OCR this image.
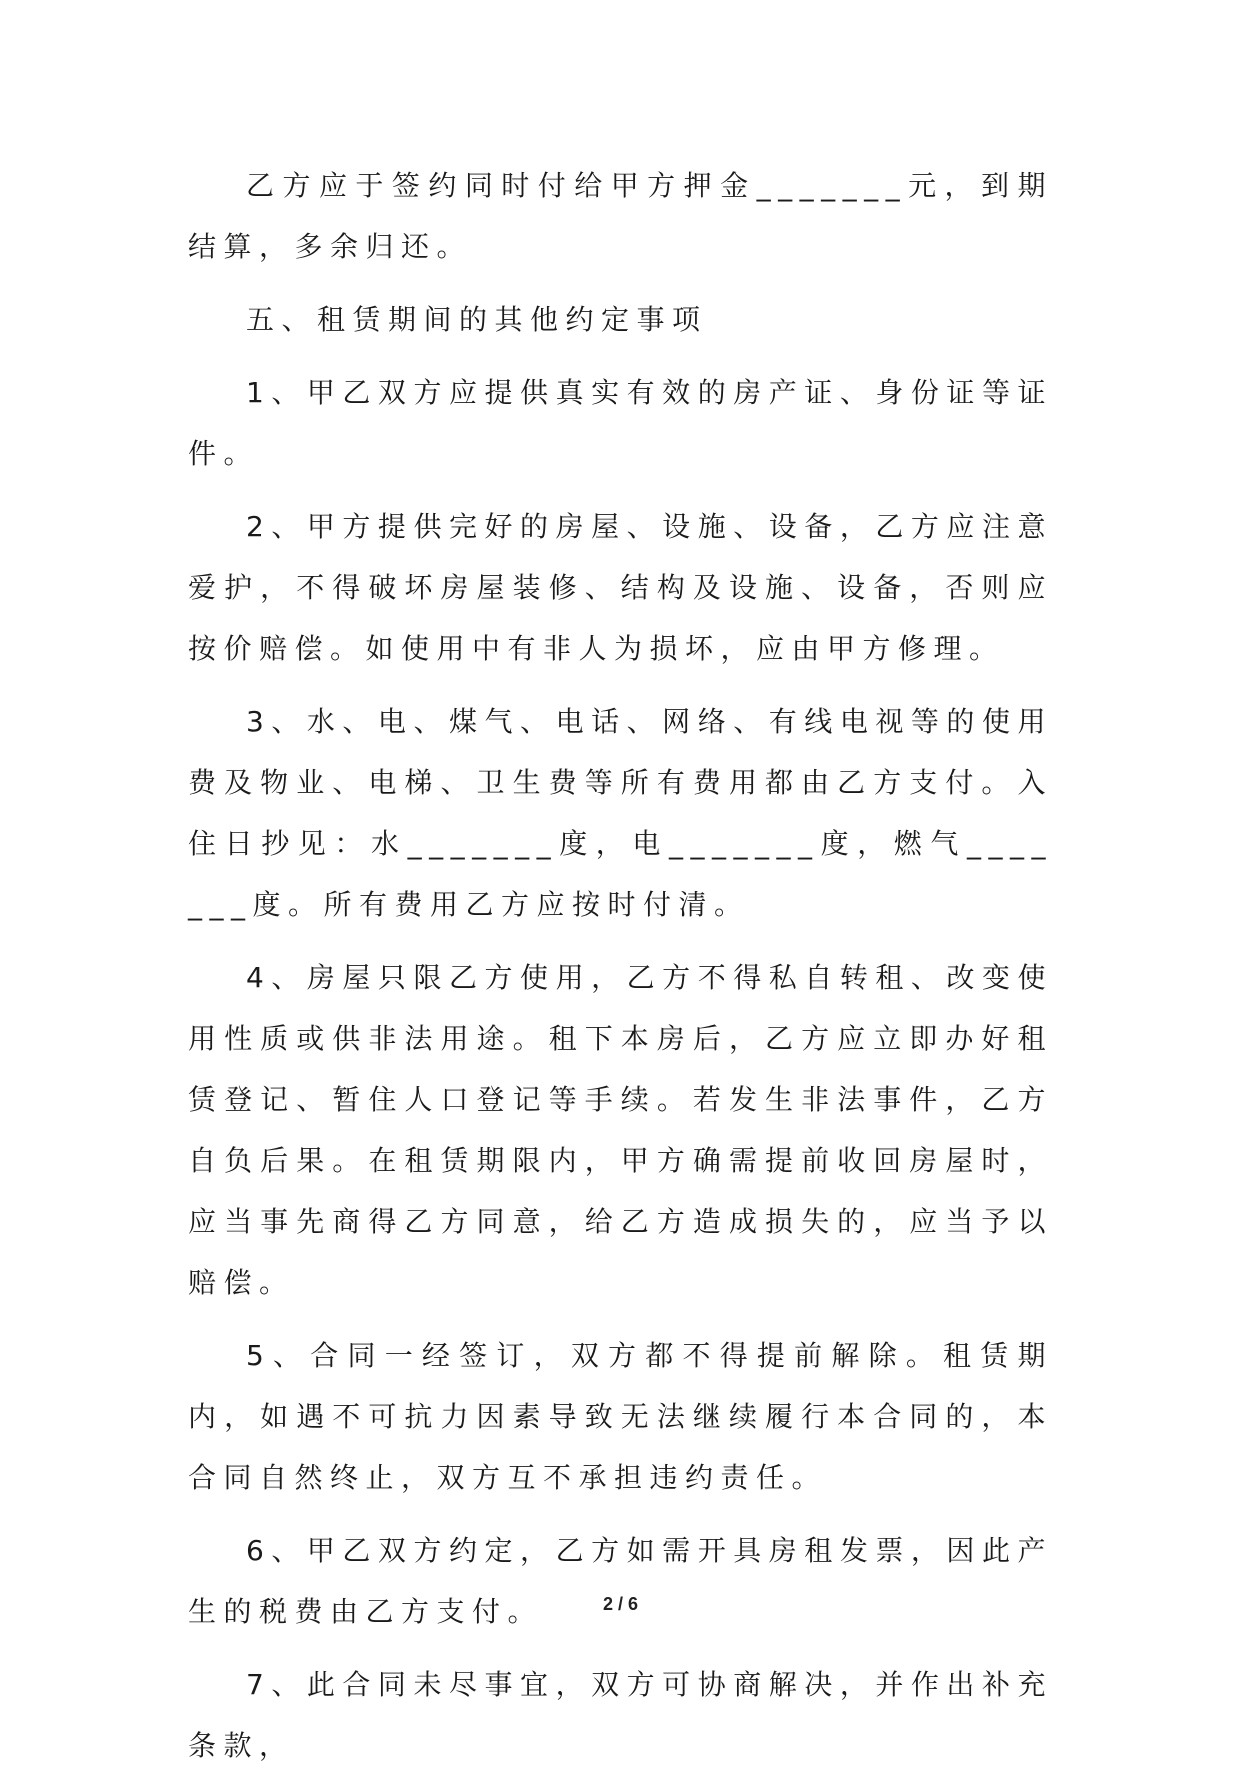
乙方应于签约同时付给甲方押金_______元，到期结算，多余归还。

五、租赁期间的其他约定事项

1、甲乙双方应提供真实有效的房产证、身份证等证件。

2、甲方提供完好的房屋、设施、设备，乙方应注意爱护，不得破坏房屋装修、结构及设施、设备，否则应按价赔偿。如使用中有非人为损坏，应由甲方修理。

3、水、电、煤气、电话、网络、有线电视等的使用费及物业、电梯、卫生费等所有费用都由乙方支付。入住日抄见：水_______度，电_______度，燃气_______度。所有费用乙方应按时付清。

4、房屋只限乙方使用，乙方不得私自转租、改变使用性质或供非法用途。租下本房后，乙方应立即办好租赁登记、暂住人口登记等手续。若发生非法事件，乙方自负后果。在租赁期限内，甲方确需提前收回房屋时，应当事先商得乙方同意，给乙方造成损失的，应当予以赔偿。

5、合同一经签订，双方都不得提前解除。租赁期内，如遇不可抗力因素导致无法继续履行本合同的，本合同自然终止，双方互不承担违约责任。

6、甲乙双方约定，乙方如需开具房租发票，因此产生的税费由乙方支付。

7、此合同未尽事宜，双方可协商解决，并作出补充条款，

2 / 6
